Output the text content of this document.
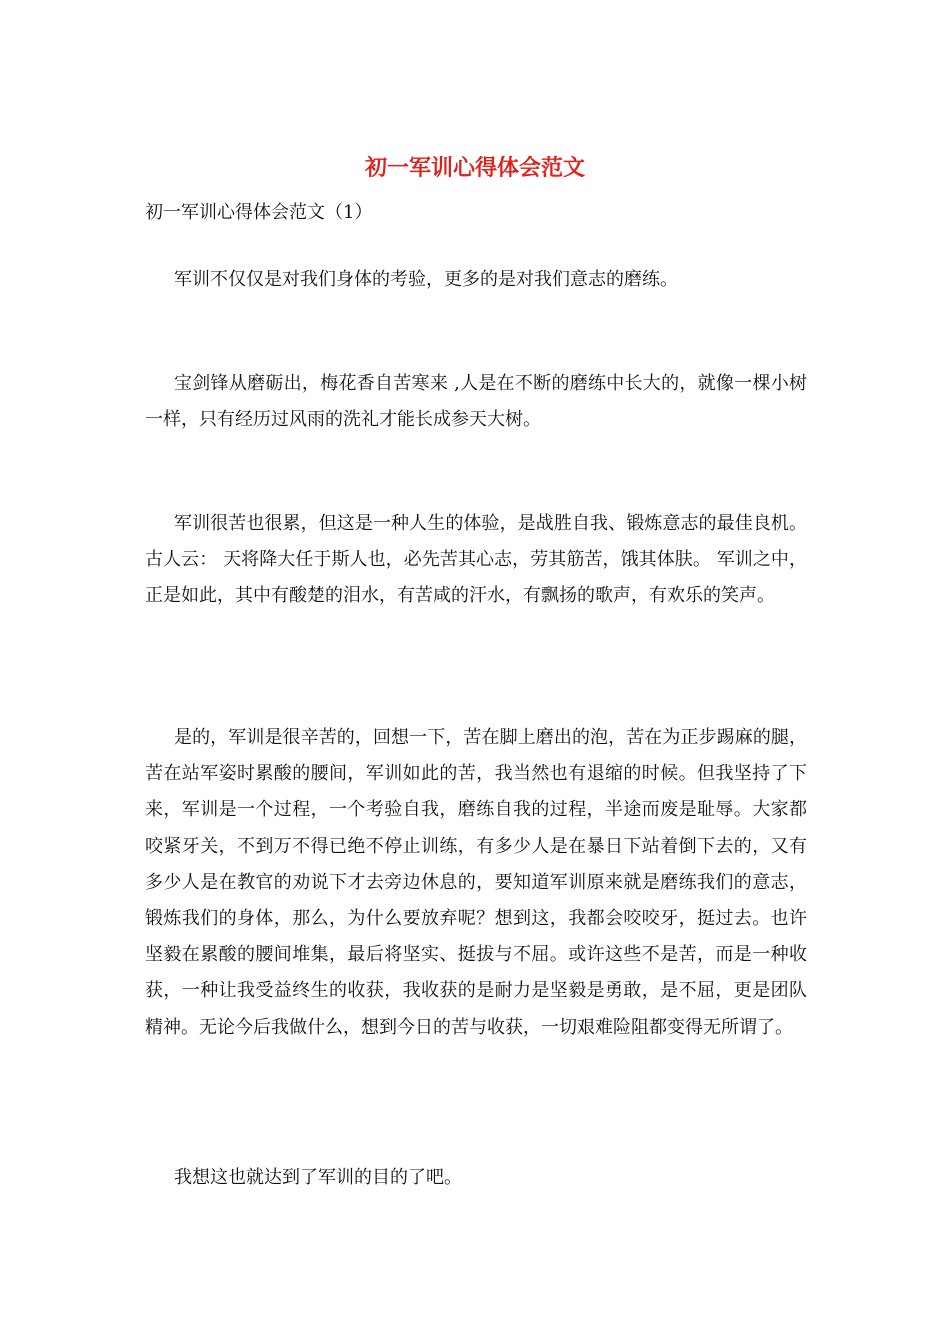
初一军训心得体会范文

初一军训心得体会范文（1）

军训不仅仅是对我们身体的考验，更多的是对我们意志的磨练。

宝剑锋从磨砺出，梅花香自苦寒来 ,人是在不断的磨练中长大的，就像一棵小树一样，只有经历过风雨的洗礼才能长成参天大树。

军训很苦也很累，但这是一种人生的体验，是战胜自我、锻炼意志的最佳良机。古人云： 天将降大任于斯人也，必先苦其心志，劳其筋苦，饿其体肤。 军训之中，正是如此，其中有酸楚的泪水，有苦咸的汗水，有飘扬的歌声，有欢乐的笑声。

是的，军训是很辛苦的，回想一下，苦在脚上磨出的泡，苦在为正步踢麻的腿，苦在站军姿时累酸的腰间，军训如此的苦，我当然也有退缩的时候。但我坚持了下来，军训是一个过程，一个考验自我，磨练自我的过程，半途而废是耻辱。大家都咬紧牙关，不到万不得已绝不停止训练，有多少人是在暴日下站着倒下去的，又有多少人是在教官的劝说下才去旁边休息的，要知道军训原来就是磨练我们的意志，锻炼我们的身体，那么，为什么要放弃呢？想到这，我都会咬咬牙，挺过去。也许坚毅在累酸的腰间堆集，最后将坚实、挺拔与不屈。或许这些不是苦，而是一种收获，一种让我受益终生的收获，我收获的是耐力是坚毅是勇敢，是不屈，更是团队精神。无论今后我做什么，想到今日的苦与收获，一切艰难险阻都变得无所谓了。

我想这也就达到了军训的目的了吧。
